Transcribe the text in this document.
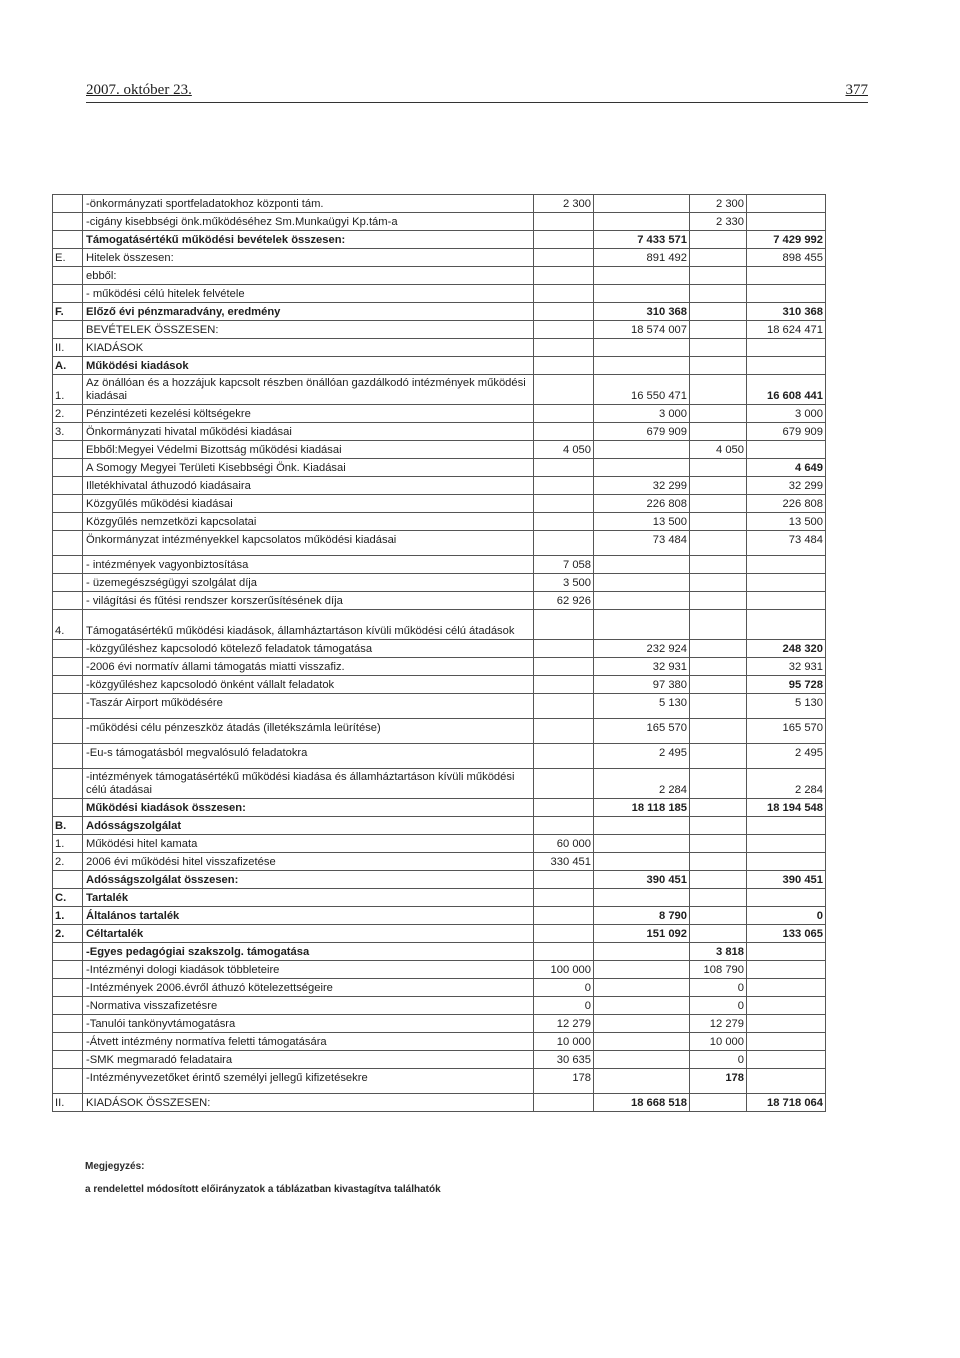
2007. október 23.	377
	-önkormányzati sportfeladatokhoz központi tám.	2 300		2 300	
	-cigány kisebbségi önk.működéséhez Sm.Munkaügyi Kp.tám-a			2 330	
	Támogatásértékű működési bevételek összesen:		7 433 571		7 429 992
E.	Hitelek összesen:		891 492		898 455
	ebből:				
	- működési célú hitelek felvétele				
F.	Előző évi pénzmaradvány, eredmény		310 368		310 368
	BEVÉTELEK ÖSSZESEN:		18 574 007		18 624 471
II.	KIADÁSOK				
A.	Működési kiadások				
1.	Az önállóan és a hozzájuk kapcsolt részben önállóan gazdálkodó intézmények működési kiadásai		16 550 471		16 608 441
2.	Pénzintézeti kezelési költségekre		3 000		3 000
3.	Önkormányzati hivatal működési kiadásai		679 909		679 909
	Ebből:Megyei Védelmi Bizottság működési kiadásai	4 050		4 050	
	A Somogy Megyei Területi Kisebbségi Önk. Kiadásai				4 649
	Illetékhivatal áthuzodó kiadásaira		32 299		32 299
	Közgyűlés működési kiadásai		226 808		226 808
	Közgyűlés nemzetközi kapcsolatai		13 500		13 500
	Önkormányzat intézményekkel kapcsolatos működési kiadásai		73 484		73 484

	- intézmények vagyonbiztosítása	7 058			
	- üzemegészségügyi szolgálat díja	3 500			
	- világítási és fűtési rendszer korszerűsítésének díja	62 926			
4.	Támogatásértékű működési kiadások, államháztartáson kívüli működési célú átadások				
	-közgyűléshez kapcsolodó kötelező feladatok támogatása		232 924		248 320
	-2006 évi normatív állami támogatás miatti visszafiz.		32 931		32 931
	-közgyűléshez kapcsolodó önként vállalt feladatok		97 380		95 728
	-Taszár Airport működésére		5 130		5 130

	-működési célu pénzeszköz átadás (illetékszámla leürítése)		165 570		165 570

	-Eu-s támogatásból megvalósuló feladatokra		2 495		2 495

	-intézmények támogatásértékű működési kiadása és államháztartáson kívüli működési célú átadásai		2 284		2 284
	Működési kiadások összesen:		18 118 185		18 194 548
B.	Adósságszolgálat				
1.	Működési hitel kamata	60 000			
2.	2006 évi működési hitel visszafizetése	330 451			
	Adósságszolgálat összesen:		390 451		390 451
C.	Tartalék				
1.	Általános tartalék		8 790		0
2.	Céltartalék		151 092		133 065
	-Egyes pedagógiai szakszolg. támogatása			3 818	
	-Intézményi dologi kiadások többleteire	100 000		108 790	
	-Intézmények 2006.évről áthuzó kötelezettségeire	0		0	
	-Normativa visszafizetésre	0		0	
	-Tanulói tankönyvtámogatásra	12 279		12 279	
	-Átvett intézmény normatíva feletti támogatására	10 000		10 000	
	-SMK megmaradó feladataira	30 635		0	
	-Intézményvezetőket érintő személyi jellegű kifizetésekre	178		178	

II.	KIADÁSOK ÖSSZESEN:		18 668 518		18 718 064
Megjegyzés:
a rendelettel módosított előirányzatok a táblázatban kivastagítva találhatók
